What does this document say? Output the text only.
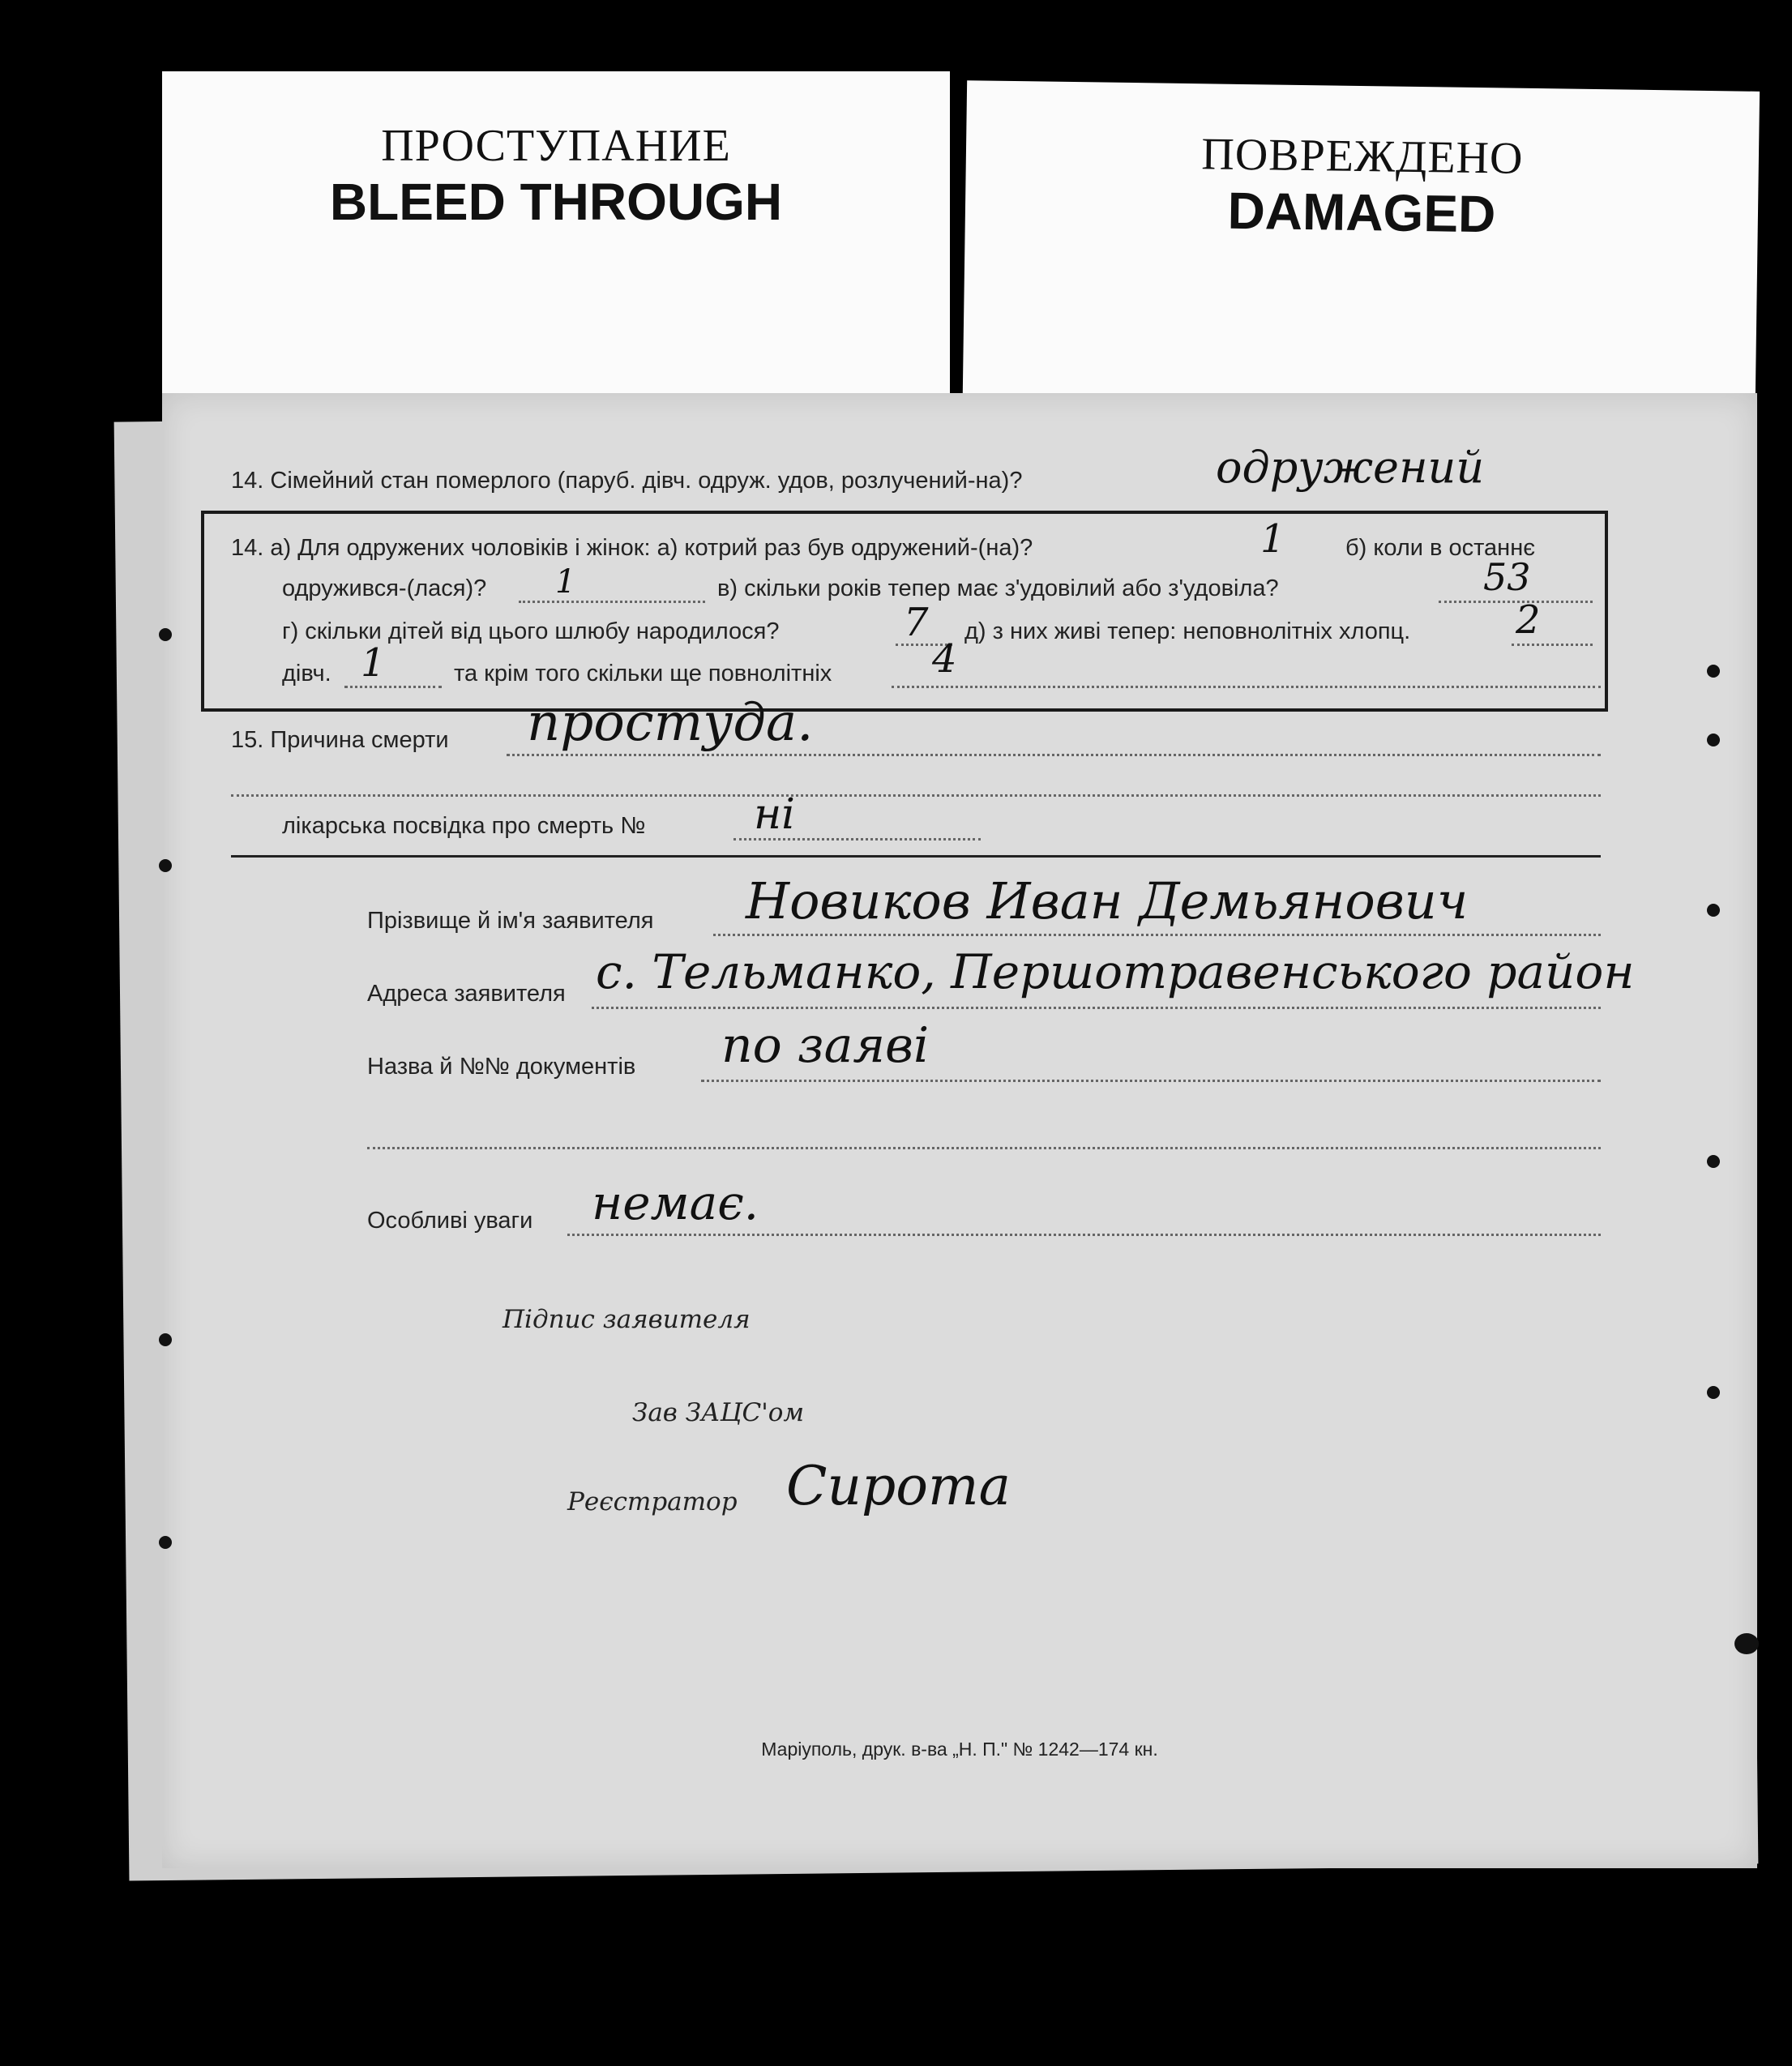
ПРОСТУПАНИЕ
BLEED THROUGH
ПОВРЕЖДЕНО
DAMAGED
14. Сімейний стан померлого (паруб. дівч. одруж. удов, розлучений-на)?	одружений
14. а) Для одружених чоловіків і жінок: а) котрий раз був одружений-(на)?	1	б) коли в останнє
одружився-(лася)? 1	в) скільки років тепер має з'удовілий або з'удовіла?	53
г) скільки дітей від цього шлюбу народилося?	7 д) з них живі тепер: неповнолітніх хлопц.	2
дівч. 1	та крім того скільки ще повнолітніх	4
15. Причина смерти простуда.
лікарська посвідка про смерть №	ні
Прізвище й ім'я заявителя Новиков Иван Демьянович
Адреса заявителя с. Тельманко, Першотравенського район
Назва й №№ документів по заяві
Особливі уваги немає.
Підпис заявителя
Зав ЗАЦС'ом
Реєстратор Сирота
Маріуполь, друк. в-ва „Н. П." № 1242—174 кн.
